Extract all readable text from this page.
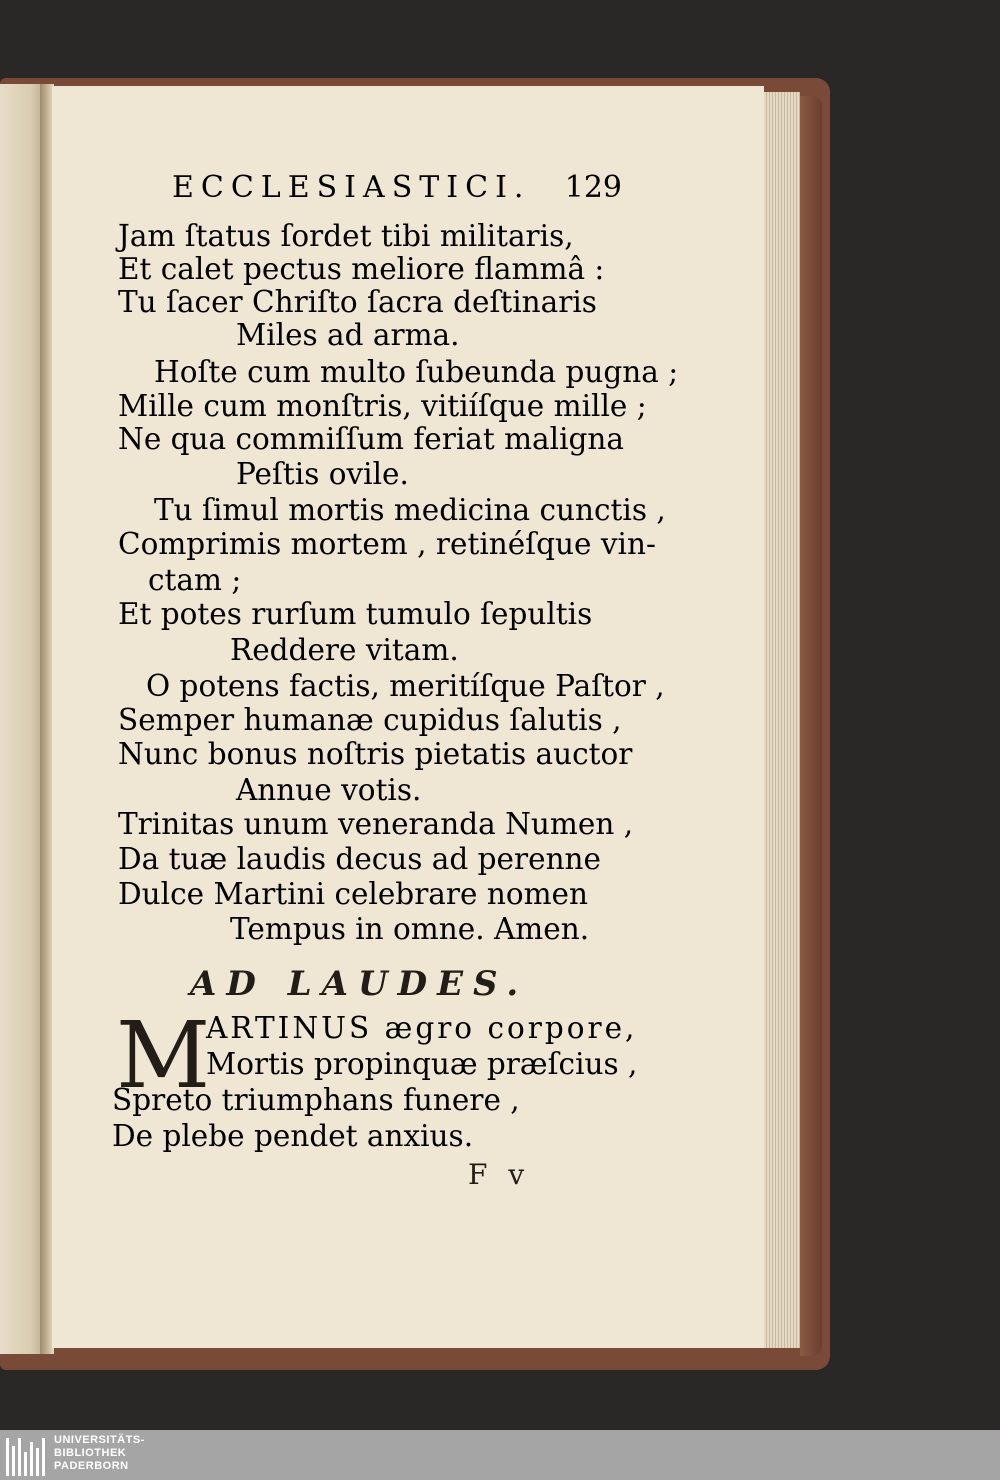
ECCLESIASTICI. 129
Jam ſtatus ſordet tibi militaris,
Et calet pectus meliore flammâ :
Tu ſacer Chriſto ſacra deſtinaris
Miles ad arma.
Hoſte cum multo ſubeunda pugna ;
Mille cum monſtris, vitiíſque mille ;
Ne qua commiſſum feriat maligna
Peſtis ovile.
Tu ſimul mortis medicina cunctis ,
Comprimis mortem , retinéſque vin-
ctam ;
Et potes rurſum tumulo ſepultis
Reddere vitam.
O potens factis, meritíſque Paſtor ,
Semper humanæ cupidus ſalutis ,
Nunc bonus noſtris pietatis auctor
Annue votis.
Trinitas unum veneranda Numen ,
Da tuæ laudis decus ad perenne
Dulce Martini celebrare nomen
Tempus in omne. Amen.
AD LAUDES.
M
ARTINUS ægro corpore,
Mortis propinquæ præſcius ,
Spreto triumphans funere ,
De plebe pendet anxius.
F v
UNIVERSITÄTS-
BIBLIOTHEK
PADERBORN
